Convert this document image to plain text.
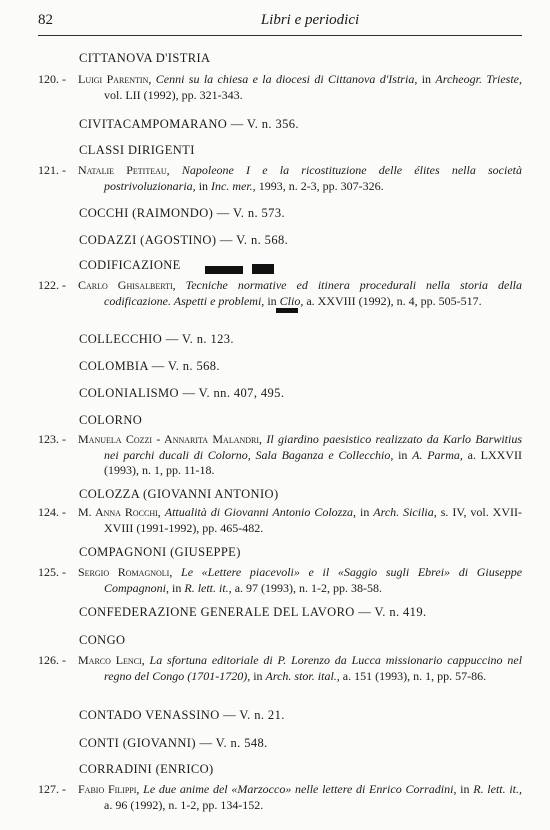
82	Libri e periodici
CITTANOVA D'ISTRIA
CIVITACAMPOMARANO — V. n. 356.
CLASSI DIRIGENTI
COCCHI (RAIMONDO) — V. n. 573.
CODAZZI (AGOSTINO) — V. n. 568.
CODIFICAZIONE
COLLECCHIO — V. n. 123.
COLOMBIA — V. n. 568.
COLONIALISMO — V. nn. 407, 495.
COLORNO
COLOZZA (GIOVANNI ANTONIO)
COMPAGNONI (GIUSEPPE)
CONFEDERAZIONE GENERALE DEL LAVORO — V. n. 419.
CONGO
CONTADO VENASSINO — V. n. 21.
CONTI (GIOVANNI) — V. n. 548.
CORRADINI (ENRICO)
120. - Luigi Parentin, Cenni su la chiesa e la diocesi di Cittanova d'Istria, in Archeogr. Trieste, vol. LII (1992), pp. 321-343.
121. - Natalie Petiteau, Napoleone I e la ricostituzione delle élites nella società postrivoluzionaria, in Inc. mer., 1993, n. 2-3, pp. 307-326.
122. - Carlo Ghisalberti, Tecniche normative ed itinera procedurali nella storia della codificazione. Aspetti e problemi, in Clio, a. XXVIII (1992), n. 4, pp. 505-517.
123. - Manuela Cozzi - Annarita Malandri, Il giardino paesistico realizzato da Karlo Barwitius nei parchi ducali di Colorno, Sala Baganza e Collecchio, in A. Parma, a. LXXVII (1993), n. 1, pp. 11-18.
124. - M. Anna Rocchi, Attualità di Giovanni Antonio Colozza, in Arch. Sicilia, s. IV, vol. XVII-XVIII (1991-1992), pp. 465-482.
125. - Sergio Romagnoli, Le «Lettere piacevoli» e il «Saggio sugli Ebrei» di Giuseppe Compagnoni, in R. lett. it., a. 97 (1993), n. 1-2, pp. 38-58.
126. - Marco Lenci, La sfortuna editoriale di P. Lorenzo da Lucca missionario cappuccino nel regno del Congo (1701-1720), in Arch. stor. ital., a. 151 (1993), n. 1, pp. 57-86.
127. - Fabio Filippi, Le due anime del «Marzocco» nelle lettere di Enrico Corradini, in R. lett. it., a. 96 (1992), n. 1-2, pp. 134-152.
